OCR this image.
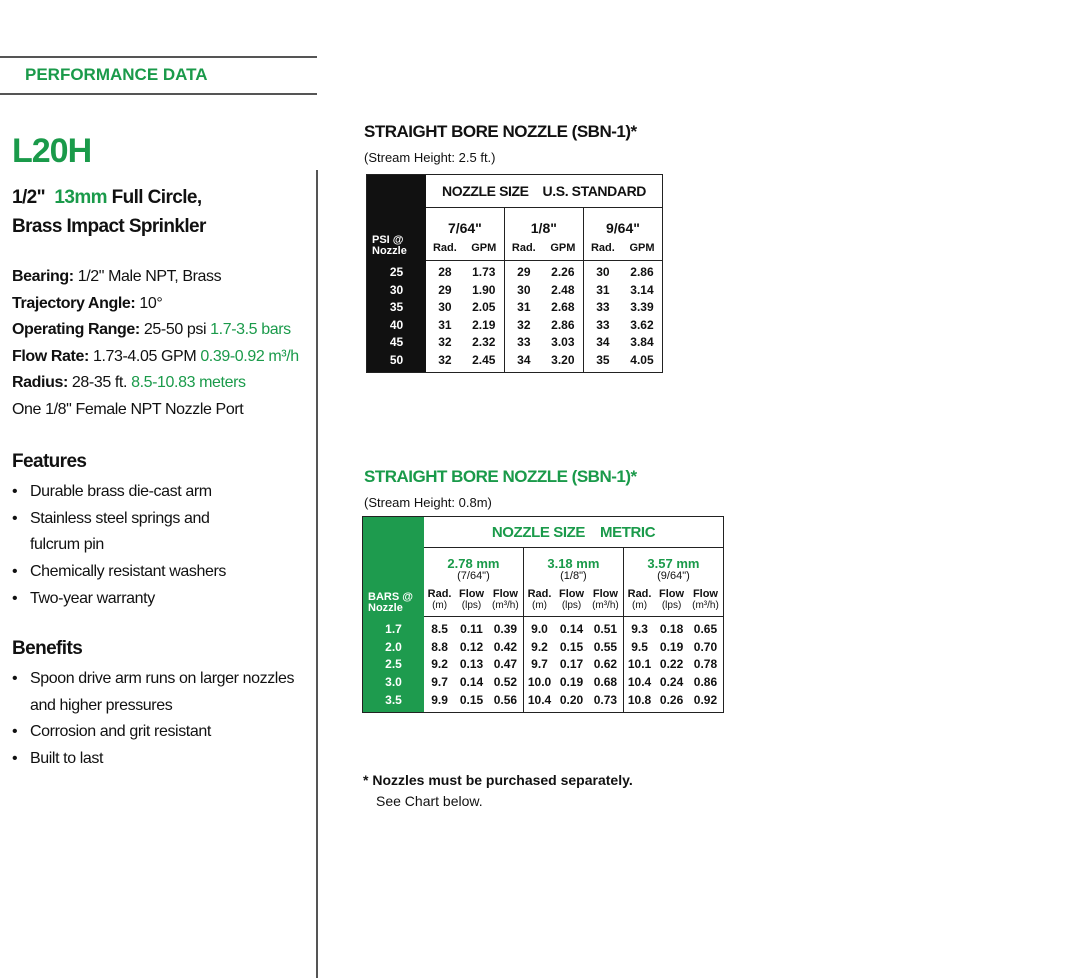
PERFORMANCE DATA
L20H
1/2" 13mm Full Circle,
Brass Impact Sprinkler
Bearing: 1/2" Male NPT, Brass
Trajectory Angle: 10°
Operating Range: 25-50 psi 1.7-3.5 bars
Flow Rate: 1.73-4.05 GPM 0.39-0.92 m³/h
Radius: 28-35 ft. 8.5-10.83 meters
One 1/8" Female NPT Nozzle Port
Features
• Durable brass die-cast arm
• Stainless steel springs and
fulcrum pin
• Chemically resistant washers
• Two-year warranty
Benefits
• Spoon drive arm runs on larger nozzles
and higher pressures
• Corrosion and grit resistant
• Built to last
STRAIGHT BORE NOZZLE (SBN-1)*
(Stream Height: 2.5 ft.)
PSI @
Nozzle	NOZZLE SIZE    U.S. STANDARD					
	7/64"		1/8"		9/64"	
	Rad.	GPM	Rad.	GPM	Rad.	GPM

25	28	1.73	29	2.26	30	2.86
30	29	1.90	30	2.48	31	3.14
35	30	2.05	31	2.68	33	3.39
40	31	2.19	32	2.86	33	3.62
45	32	2.32	33	3.03	34	3.84
50	32	2.45	34	3.20	35	4.05
STRAIGHT BORE NOZZLE (SBN-1)*
(Stream Height: 0.8m)
BARS @
Nozzle	NOZZLE SIZE    METRIC								
	2.78 mm			3.18 mm			3.57 mm		
	(7/64")			(1/8")			(9/64")		
	Rad.
(m)	Flow
(lps)	Flow
(m³/h)	Rad.
(m)	Flow
(lps)	Flow
(m³/h)	Rad.
(m)	Flow
(lps)	Flow
(m³/h)

1.7	8.5	0.11	0.39	9.0	0.14	0.51	9.3	0.18	0.65
2.0	8.8	0.12	0.42	9.2	0.15	0.55	9.5	0.19	0.70
2.5	9.2	0.13	0.47	9.7	0.17	0.62	10.1	0.22	0.78
3.0	9.7	0.14	0.52	10.0	0.19	0.68	10.4	0.24	0.86
3.5	9.9	0.15	0.56	10.4	0.20	0.73	10.8	0.26	0.92
* Nozzles must be purchased separately.
See Chart below.
